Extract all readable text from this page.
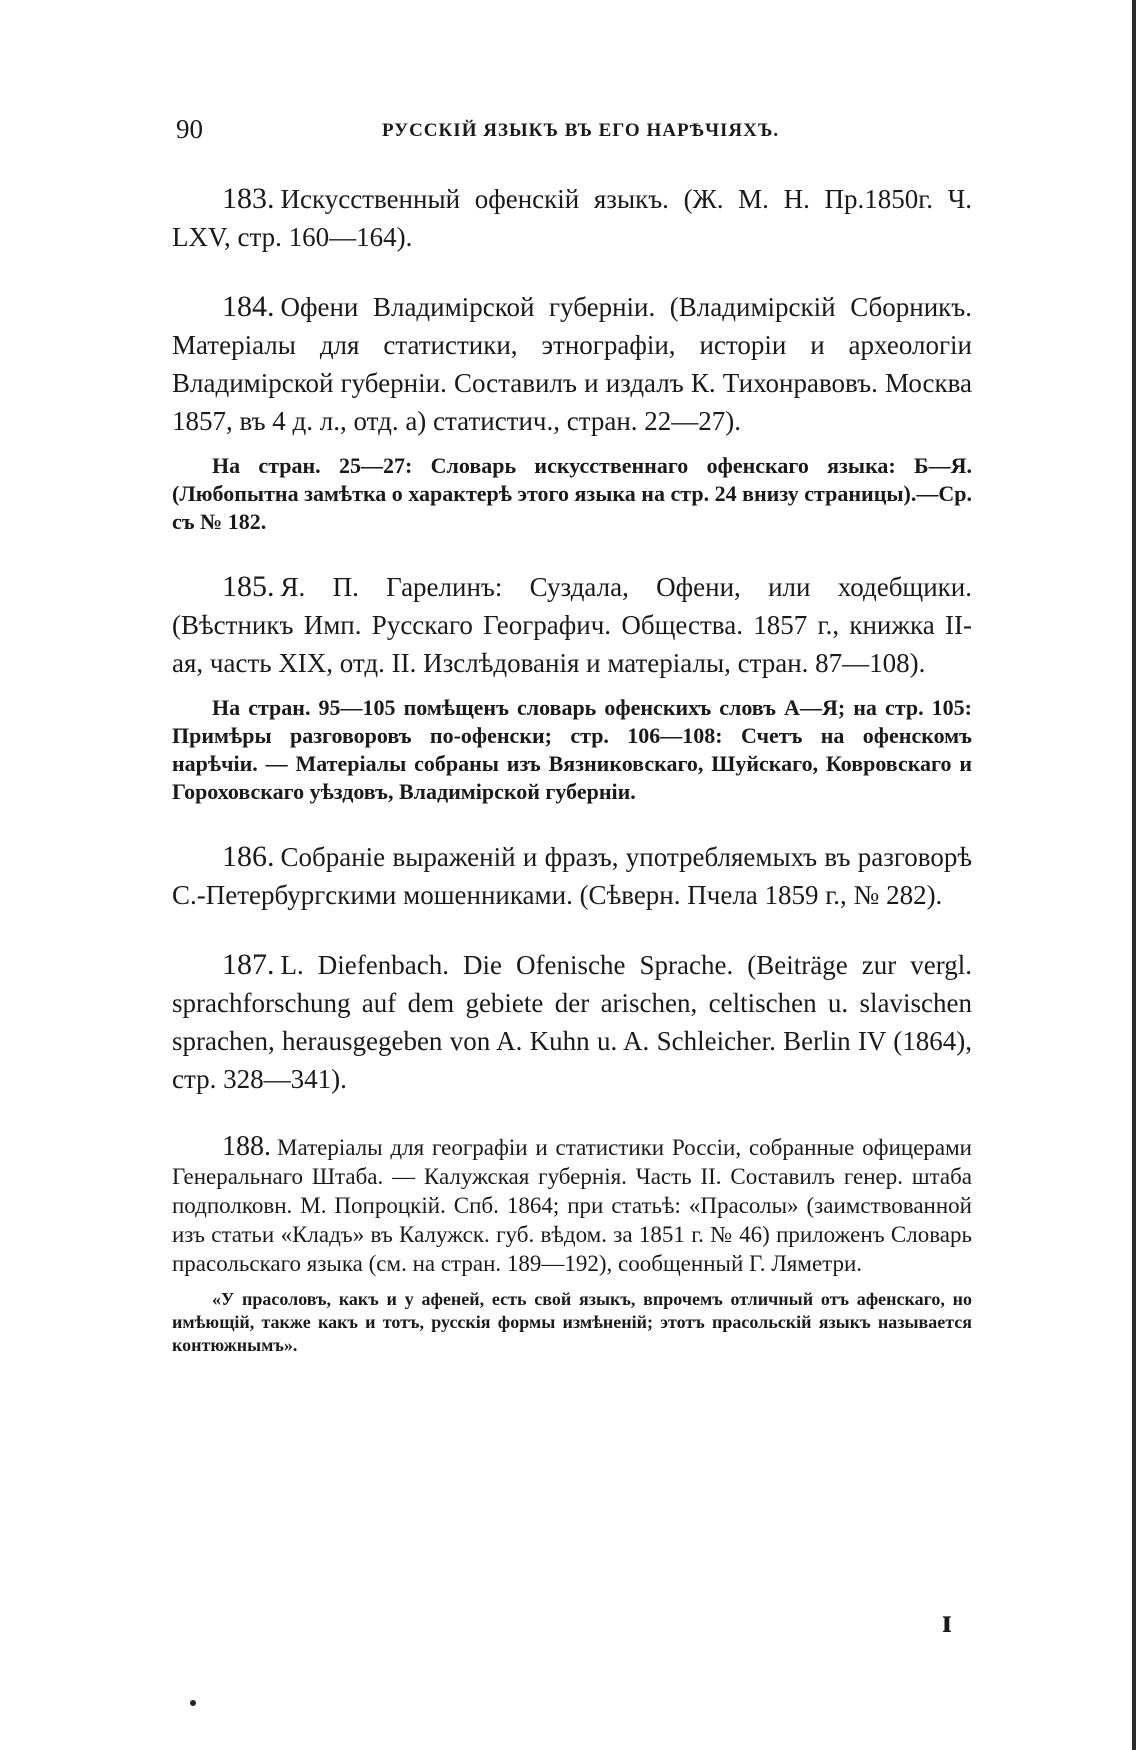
90	РУССКІЙ ЯЗЫКЪ ВЪ ЕГО НАРѢЧІЯХЪ.
183. Искусственный офенскій языкъ. (Ж. М. Н. Пр.1850г. Ч. LXV, стр. 160—164).
184. Офени Владимірской губерніи. (Владимірскій Сборникъ. Матеріалы для статистики, этнографіи, исторіи и археологіи Владимірской губерніи. Составилъ и издалъ К. Тихонравовъ. Москва 1857, въ 4 д. л., отд. а) статистич., стран. 22—27).
На стран. 25—27: Словарь искусственнаго офенскаго языка: Б—Я. (Любопытна замѣтка о характерѣ этого языка на стр. 24 внизу страницы).—Ср. съ № 182.
185. Я. П. Гарелинъ: Суздала, Офени, или ходебщики. (Вѣстникъ Имп. Русскаго Географич. Общества. 1857 г., книжка II-ая, часть XIX, отд. II. Изслѣдованія и матеріалы, стран. 87—108).
На стран. 95—105 помѣщенъ словарь офенскихъ словъ А—Я; на стр. 105: Примѣры разговоровъ по-офенски; стр. 106—108: Счетъ на офенскомъ нарѣчіи. — Матеріалы собраны изъ Вязниковскаго, Шуйскаго, Ковровскаго и Гороховскаго уѣздовъ, Владимірской губерніи.
186. Собраніе выраженій и фразъ, употребляемыхъ въ разговорѣ С.-Петербургскими мошенниками. (Сѣверн. Пчела 1859 г., № 282).
187. L. Diefenbach. Die Ofenische Sprache. (Beiträge zur vergl. sprachforschung auf dem gebiete der arischen, celtischen u. slavischen sprachen, herausgegeben von A. Kuhn u. A. Schleicher. Berlin IV (1864), стр. 328—341).
188. Матеріалы для географіи и статистики Россіи, собранные офицерами Генеральнаго Штаба. — Калужская губернія. Часть II. Составилъ генер. штаба подполковн. М. Попроцкій. Спб. 1864; при статьѣ: «Прасолы» (заимствованной изъ статьи «Кладъ» въ Калужск. губ. вѣдом. за 1851 г. № 46) приложенъ Словарь прасольскаго языка (см. на стран. 189—192), сообщенный Г. Ляметри.
«У прасоловъ, какъ и у афеней, есть свой языкъ, впрочемъ отличный отъ афенскаго, но имѣющій, также какъ и тотъ, русскія формы измѣненій; этотъ прасольскій языкъ называется контюжнымъ».
ɪ
